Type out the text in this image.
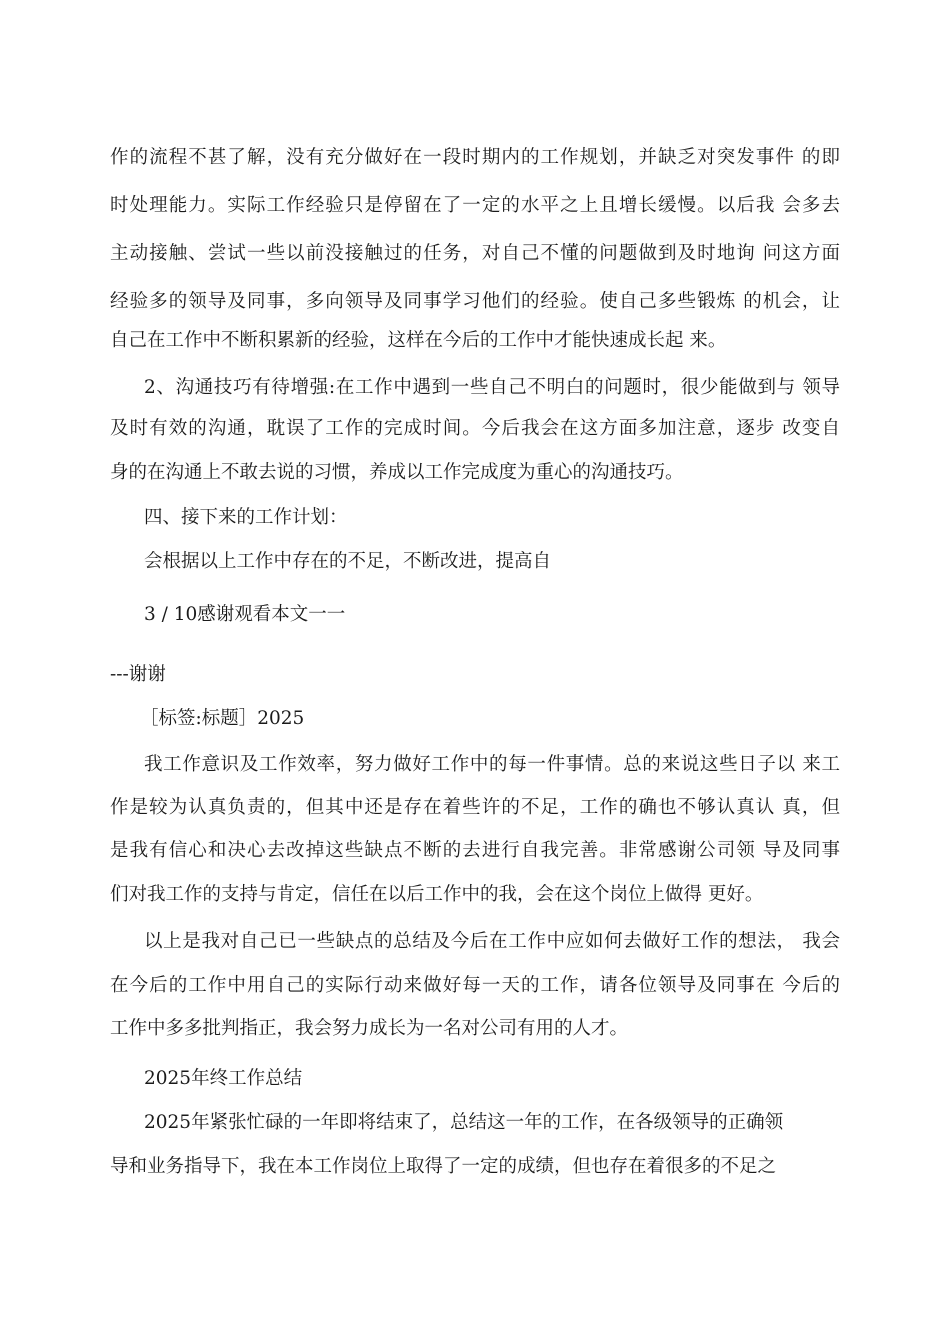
作的流程不甚了解，没有充分做好在一段时期内的工作规划，并缺乏对突发事件 的即
时处理能力。实际工作经验只是停留在了一定的水平之上且增长缓慢。以后我 会多去
主动接触、尝试一些以前没接触过的任务，对自己不懂的问题做到及时地询 问这方面
经验多的领导及同事，多向领导及同事学习他们的经验。使自己多些锻炼 的机会，让
自己在工作中不断积累新的经验，这样在今后的工作中才能快速成长起 来。
2、沟通技巧有待增强:在工作中遇到一些自己不明白的问题时，很少能做到与 领导
及时有效的沟通，耽误了工作的完成时间。今后我会在这方面多加注意，逐步 改变自
身的在沟通上不敢去说的习惯，养成以工作完成度为重心的沟通技巧。
四、接下来的工作计划：
会根据以上工作中存在的不足，不断改进，提高自
3 / 10感谢观看本文一一
---谢谢
［标签:标题］2025
我工作意识及工作效率，努力做好工作中的每一件事情。总的来说这些日子以 来工
作是较为认真负责的，但其中还是存在着些许的不足，工作的确也不够认真认 真，但
是我有信心和决心去改掉这些缺点不断的去进行自我完善。非常感谢公司领 导及同事
们对我工作的支持与肯定，信任在以后工作中的我，会在这个岗位上做得 更好。
以上是我对自己已一些缺点的总结及今后在工作中应如何去做好工作的想法， 我会
在今后的工作中用自己的实际行动来做好每一天的工作，请各位领导及同事在 今后的
工作中多多批判指正，我会努力成长为一名对公司有用的人才。
2025年终工作总结
2025年紧张忙碌的一年即将结束了，总结这一年的工作，在各级领导的正确领
导和业务指导下，我在本工作岗位上取得了一定的成绩，但也存在着很多的不足之
